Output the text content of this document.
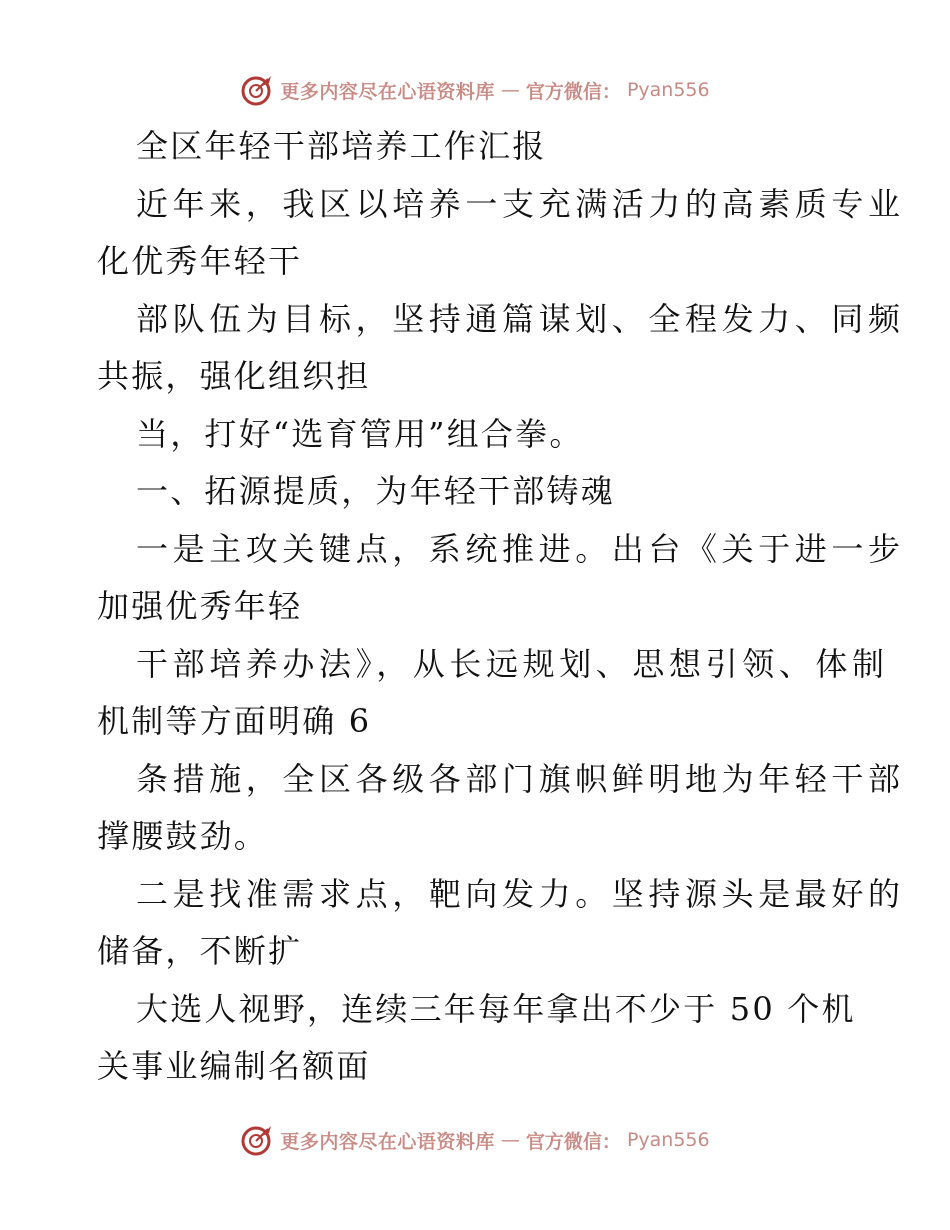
更多内容尽在心语资料库 — 官方微信： Pyan556
全区年轻干部培养工作汇报
近年来，我区以培养一支充满活力的高素质专业
化优秀年轻干
部队伍为目标，坚持通篇谋划、全程发力、同频
共振，强化组织担
当，打好“选育管用”组合拳。
一、拓源提质，为年轻干部铸魂
一是主攻关键点，系统推进。出台《关于进一步
加强优秀年轻
干部培养办法》，从长远规划、思想引领、体制
机制等方面明确 6
条措施，全区各级各部门旗帜鲜明地为年轻干部
撑腰鼓劲。
二是找准需求点，靶向发力。坚持源头是最好的
储备，不断扩
大选人视野，连续三年每年拿出不少于 50 个机
关事业编制名额面
更多内容尽在心语资料库 — 官方微信： Pyan556
